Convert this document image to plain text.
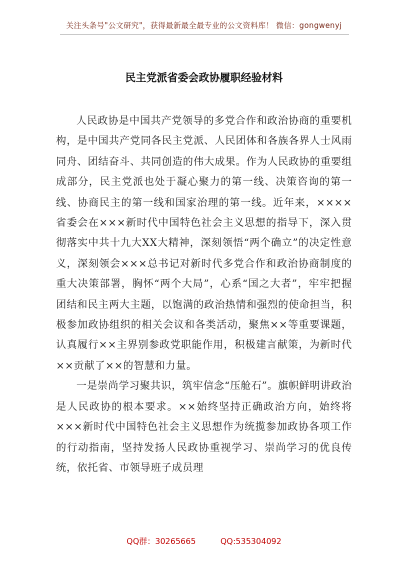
关注头条号"公文研究"，获得最新最全最专业的公文资料库！ 微信：gongwenyj
民主党派省委会政协履职经验材料

人民政协是中国共产党领导的多党合作和政治协商的重要机构，是中国共产党同各民主党派、人民团体和各族各界人士风雨同舟、团结奋斗、共同创造的伟大成果。作为人民政协的重要组成部分，民主党派也处于凝心聚力的第一线、决策咨询的第一线、协商民主的第一线和国家治理的第一线。近年来，××××省委会在×××新时代中国特色社会主义思想的指导下，深入贯彻落实中共十九大XX大精神，深刻领悟“两个确立”的决定性意义，深刻领会×××总书记对新时代多党合作和政治协商制度的重大决策部署，胸怀“两个大局”，心系“国之大者”，牢牢把握团结和民主两大主题，以饱满的政治热情和强烈的使命担当，积极参加政协组织的相关会议和各类活动，聚焦××等重要课题，认真履行××主界别参政党职能作用，积极建言献策，为新时代××贡献了××的智慧和力量。

一是崇尚学习聚共识，筑牢信念“压舱石”。旗帜鲜明讲政治是人民政协的根本要求。××始终坚持正确政治方向，始终将×××新时代中国特色社会主义思想作为统揽参加政协各项工作的行动指南，坚持发扬人民政协重视学习、崇尚学习的优良传统，依托省、市领导班子成员理

QQ群：30265665	QQ:535304092
